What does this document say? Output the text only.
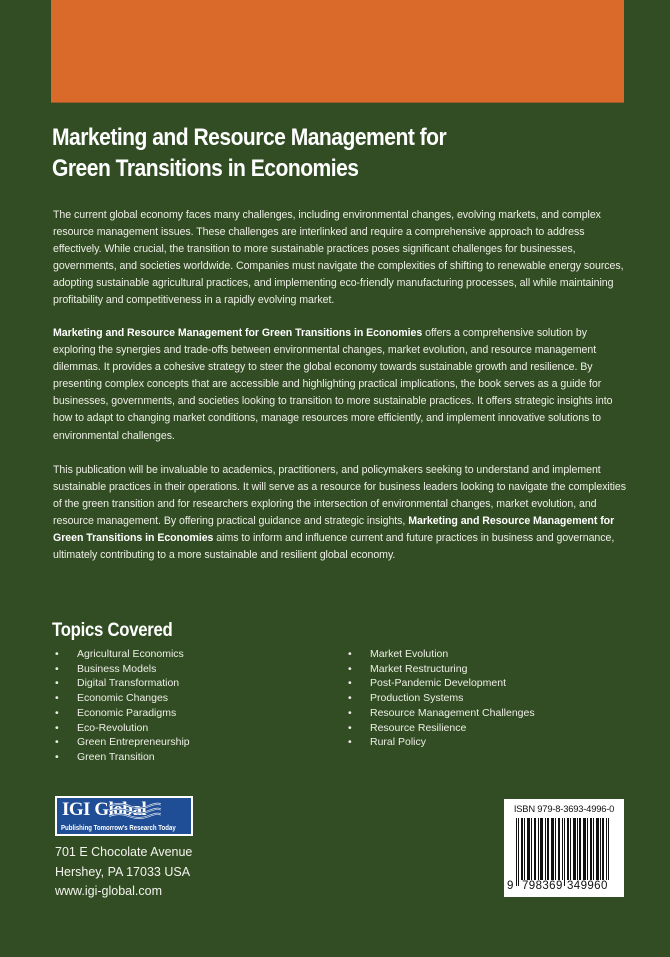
Marketing and Resource Management for
Green Transitions in Economies
The current global economy faces many challenges, including environmental changes, evolving markets, and complex resource management issues. These challenges are interlinked and require a comprehensive approach to address effectively. While crucial, the transition to more sustainable practices poses significant challenges for businesses, governments, and societies worldwide. Companies must navigate the complexities of shifting to renewable energy sources, adopting sustainable agricultural practices, and implementing eco-friendly manufacturing processes, all while maintaining profitability and competitiveness in a rapidly evolving market.
Marketing and Resource Management for Green Transitions in Economies offers a comprehensive solution by exploring the synergies and trade-offs between environmental changes, market evolution, and resource management dilemmas. It provides a cohesive strategy to steer the global economy towards sustainable growth and resilience. By presenting complex concepts that are accessible and highlighting practical implications, the book serves as a guide for businesses, governments, and societies looking to transition to more sustainable practices. It offers strategic insights into how to adapt to changing market conditions, manage resources more efficiently, and implement innovative solutions to environmental challenges.
This publication will be invaluable to academics, practitioners, and policymakers seeking to understand and implement sustainable practices in their operations. It will serve as a resource for business leaders looking to navigate the complexities of the green transition and for researchers exploring the intersection of environmental changes, market evolution, and resource management. By offering practical guidance and strategic insights, Marketing and Resource Management for Green Transitions in Economies aims to inform and influence current and future practices in business and governance, ultimately contributing to a more sustainable and resilient global economy.
Topics Covered
• Agricultural Economics
• Business Models
• Digital Transformation
• Economic Changes
• Economic Paradigms
• Eco-Revolution
• Green Entrepreneurship
• Green Transition
• Market Evolution
• Market Restructuring
• Post-Pandemic Development
• Production Systems
• Resource Management Challenges
• Resource Resilience
• Rural Policy
IGI Global
Publishing Tomorrow's Research Today
701 E Chocolate Avenue
Hershey, PA 17033 USA
www.igi-global.com
ISBN 979-8-3693-4996-0
9 798369 349960
